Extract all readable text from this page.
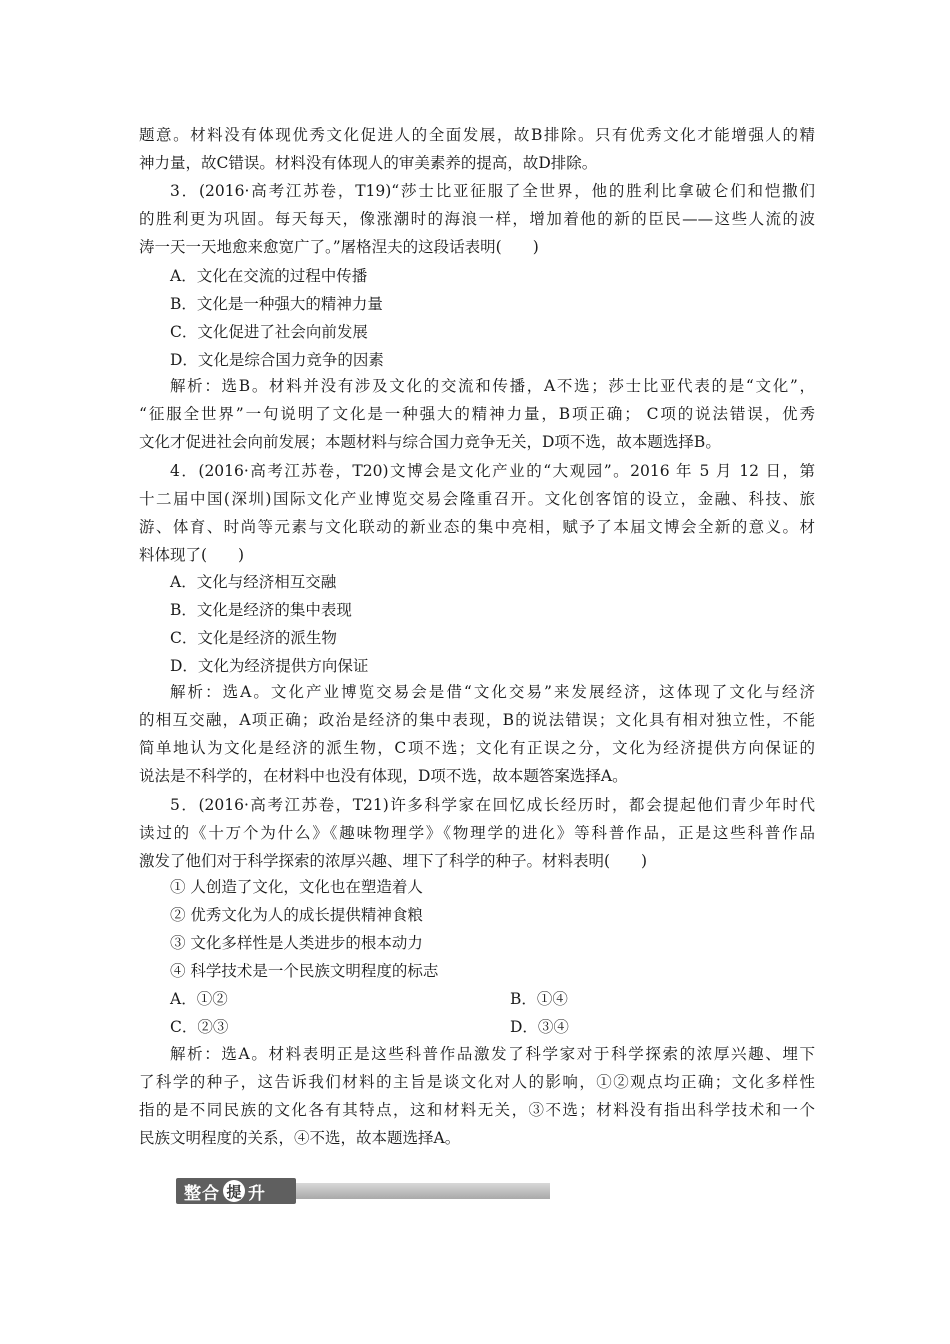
题意。材料没有体现优秀文化促进人的全面发展，故B排除。只有优秀文化才能增强人的精
神力量，故C错误。材料没有体现人的审美素养的提高，故D排除。
3．(2016·高考江苏卷，T19)“莎士比亚征服了全世界，他的胜利比拿破仑们和恺撒们
的胜利更为巩固。每天每天，像涨潮时的海浪一样，增加着他的新的臣民——这些人流的波
涛一天一天地愈来愈宽广了。”屠格涅夫的这段话表明(　　)
A．文化在交流的过程中传播
B．文化是一种强大的精神力量
C．文化促进了社会向前发展
D．文化是综合国力竞争的因素
解析：选B。材料并没有涉及文化的交流和传播，A不选；莎士比亚代表的是“文化”，
“征服全世界”一句说明了文化是一种强大的精神力量，B项正确； C项的说法错误，优秀
文化才促进社会向前发展；本题材料与综合国力竞争无关，D项不选，故本题选择B。
4．(2016·高考江苏卷，T20)文博会是文化产业的“大观园”。2016 年 5 月 12 日，第
十二届中国(深圳)国际文化产业博览交易会隆重召开。文化创客馆的设立，金融、科技、旅
游、体育、时尚等元素与文化联动的新业态的集中亮相，赋予了本届文博会全新的意义。材
料体现了(　　)
A．文化与经济相互交融
B．文化是经济的集中表现
C．文化是经济的派生物
D．文化为经济提供方向保证
解析：选A。文化产业博览交易会是借“文化交易”来发展经济，这体现了文化与经济
的相互交融，A项正确；政治是经济的集中表现，B的说法错误；文化具有相对独立性，不能
简单地认为文化是经济的派生物，C项不选；文化有正误之分，文化为经济提供方向保证的
说法是不科学的，在材料中也没有体现，D项不选，故本题答案选择A。
5．(2016·高考江苏卷，T21)许多科学家在回忆成长经历时，都会提起他们青少年时代
读过的《十万个为什么》《趣味物理学》《物理学的进化》等科普作品，正是这些科普作品
激发了他们对于科学探索的浓厚兴趣、埋下了科学的种子。材料表明(　　)
① 人创造了文化，文化也在塑造着人
② 优秀文化为人的成长提供精神食粮
③ 文化多样性是人类进步的根本动力
④ 科学技术是一个民族文明程度的标志
A．①②	B．①④
C．②③	D．③④
解析：选A。材料表明正是这些科普作品激发了科学家对于科学探索的浓厚兴趣、埋下
了科学的种子，这告诉我们材料的主旨是谈文化对人的影响，①②观点均正确；文化多样性
指的是不同民族的文化各有其特点，这和材料无关，③不选；材料没有指出科学技术和一个
民族文明程度的关系，④不选，故本题选择A。
整 合 提 升
